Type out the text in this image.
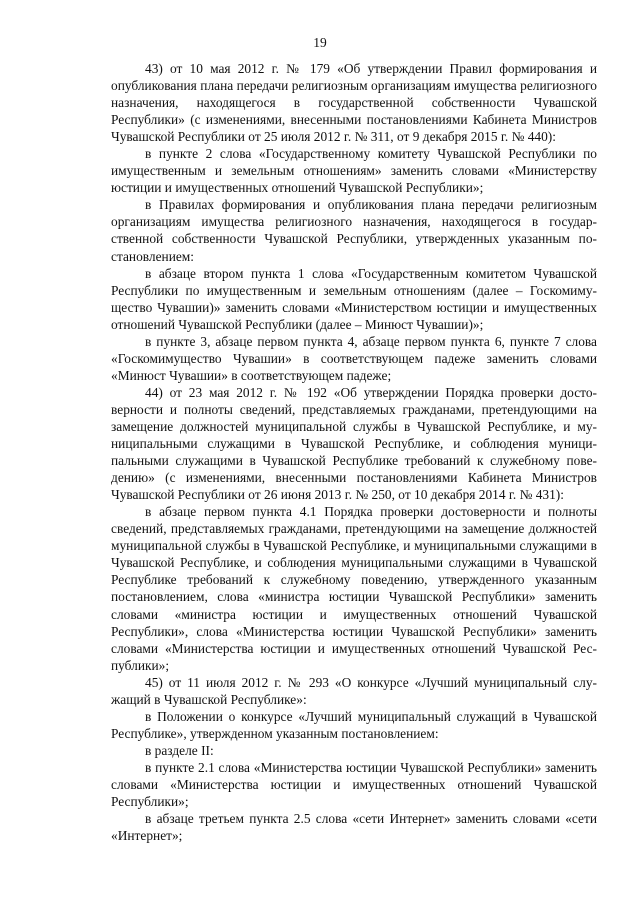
19

43) от 10 мая 2012 г. № 179 «Об утверждении Правил формирования и опубликования плана передачи религиозным организациям имущества религиозного назначения, находящегося в государственной собственности Чувашской Республики» (с изменениями, внесенными постановлениями Кабинета Министров Чувашской Республики от 25 июля 2012 г. № 311, от 9 декабря 2015 г. № 440):

в пункте 2 слова «Государственному комитету Чувашской Республики по имущественным и земельным отношениям» заменить словами «Министерству юстиции и имущественных отношений Чувашской Республики»;

в Правилах формирования и опубликования плана передачи религиозным организациям имущества религиозного назначения, находящегося в государственной собственности Чувашской Республики, утвержденных указанным постановлением:

в абзаце втором пункта 1 слова «Государственным комитетом Чувашской Республики по имущественным и земельным отношениям (далее – Госкомимущество Чувашии)» заменить словами «Министерством юстиции и имущественных отношений Чувашской Республики (далее – Минюст Чувашии)»;

в пункте 3, абзаце первом пункта 4, абзаце первом пункта 6, пункте 7 слова «Госкомимущество Чувашии» в соответствующем падеже заменить словами «Минюст Чувашии» в соответствующем падеже;

44) от 23 мая 2012 г. № 192 «Об утверждении Порядка проверки достоверности и полноты сведений, представляемых гражданами, претендующими на замещение должностей муниципальной службы в Чувашской Республике, и муниципальными служащими в Чувашской Республике, и соблюдения муниципальными служащими в Чувашской Республике требований к служебному поведению» (с изменениями, внесенными постановлениями Кабинета Министров Чувашской Республики от 26 июня 2013 г. № 250, от 10 декабря 2014 г. № 431):

в абзаце первом пункта 4.1 Порядка проверки достоверности и полноты сведений, представляемых гражданами, претендующими на замещение должностей муниципальной службы в Чувашской Республике, и муниципальными служащими в Чувашской Республике, и соблюдения муниципальными служащими в Чувашской Республике требований к служебному поведению, утвержденного указанным постановлением, слова «министра юстиции Чувашской Республики» заменить словами «министра юстиции и имущественных отношений Чувашской Республики», слова «Министерства юстиции Чувашской Республики» заменить словами «Министерства юстиции и имущественных отношений Чувашской Республики»;

45) от 11 июля 2012 г. № 293 «О конкурсе «Лучший муниципальный служащий в Чувашской Республике»:

в Положении о конкурсе «Лучший муниципальный служащий в Чувашской Республике», утвержденном указанным постановлением:

в разделе II:

в пункте 2.1 слова «Министерства юстиции Чувашской Республики» заменить словами «Министерства юстиции и имущественных отношений Чувашской Республики»;

в абзаце третьем пункта 2.5 слова «сети Интернет» заменить словами «сети «Интернет»;
